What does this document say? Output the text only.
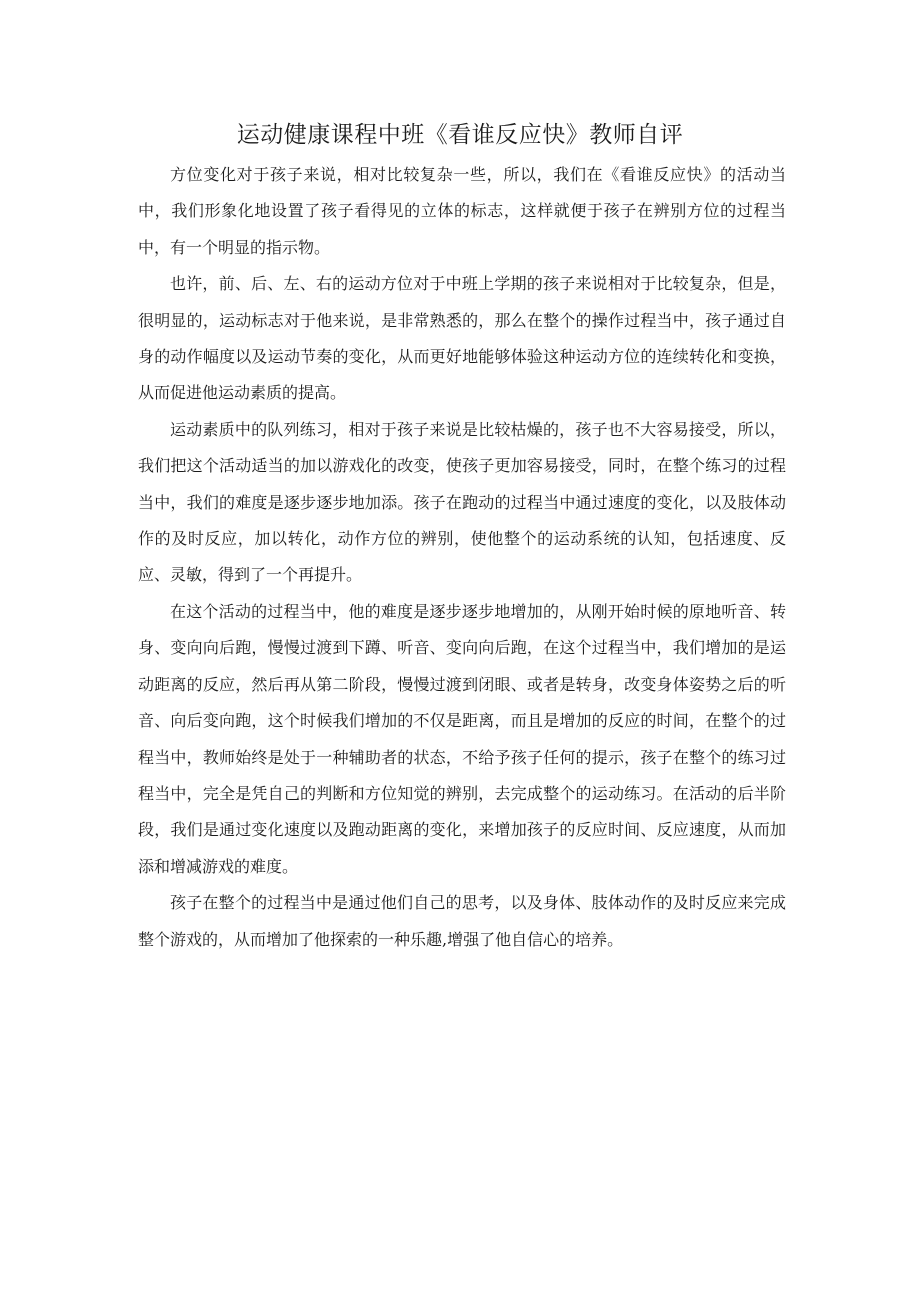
运动健康课程中班《看谁反应快》教师自评

方位变化对于孩子来说，相对比较复杂一些，所以，我们在《看谁反应快》的活动当中，我们形象化地设置了孩子看得见的立体的标志，这样就便于孩子在辨别方位的过程当中，有一个明显的指示物。

也许，前、后、左、右的运动方位对于中班上学期的孩子来说相对于比较复杂，但是，很明显的，运动标志对于他来说，是非常熟悉的，那么在整个的操作过程当中，孩子通过自身的动作幅度以及运动节奏的变化，从而更好地能够体验这种运动方位的连续转化和变换，从而促进他运动素质的提高。

运动素质中的队列练习，相对于孩子来说是比较枯燥的，孩子也不大容易接受，所以，我们把这个活动适当的加以游戏化的改变，使孩子更加容易接受，同时，在整个练习的过程当中，我们的难度是逐步逐步地加添。孩子在跑动的过程当中通过速度的变化，以及肢体动作的及时反应，加以转化，动作方位的辨别，使他整个的运动系统的认知，包括速度、反应、灵敏，得到了一个再提升。

在这个活动的过程当中，他的难度是逐步逐步地增加的，从刚开始时候的原地听音、转身、变向向后跑，慢慢过渡到下蹲、听音、变向向后跑，在这个过程当中，我们增加的是运动距离的反应，然后再从第二阶段，慢慢过渡到闭眼、或者是转身，改变身体姿势之后的听音、向后变向跑，这个时候我们增加的不仅是距离，而且是增加的反应的时间，在整个的过程当中，教师始终是处于一种辅助者的状态，不给予孩子任何的提示，孩子在整个的练习过程当中，完全是凭自己的判断和方位知觉的辨别，去完成整个的运动练习。在活动的后半阶段，我们是通过变化速度以及跑动距离的变化，来增加孩子的反应时间、反应速度，从而加添和增减游戏的难度。

孩子在整个的过程当中是通过他们自己的思考，以及身体、肢体动作的及时反应来完成整个游戏的，从而增加了他探索的一种乐趣,增强了他自信心的培养。
